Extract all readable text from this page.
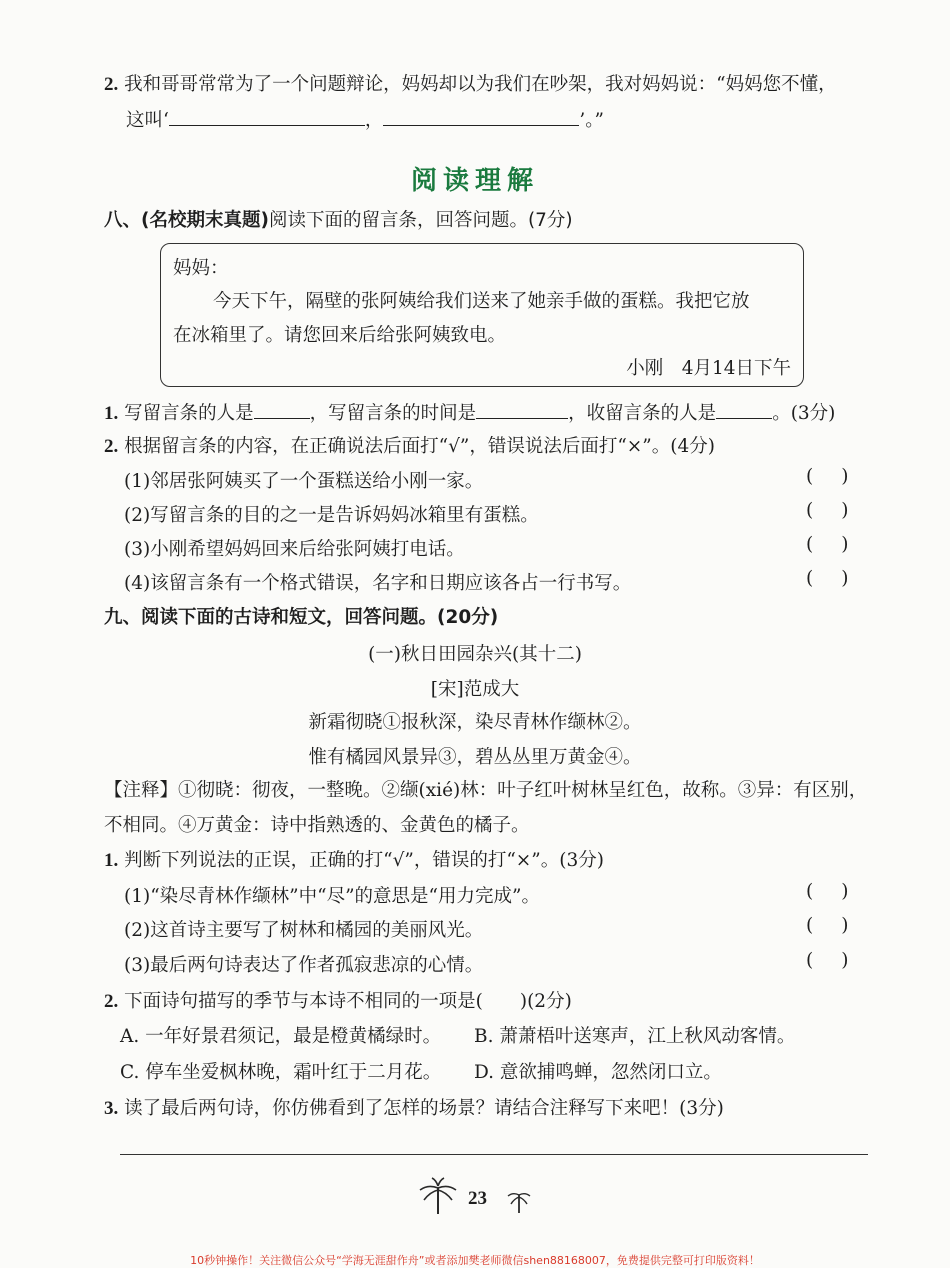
2. 我和哥哥常常为了一个问题辩论，妈妈却以为我们在吵架，我对妈妈说：“妈妈您不懂，
这叫‘	，	’。”
阅读理解
八、(名校期末真题)阅读下面的留言条，回答问题。(7分)
妈妈：
今天下午，隔壁的张阿姨给我们送来了她亲手做的蛋糕。我把它放
在冰箱里了。请您回来后给张阿姨致电。
小刚　4月14日下午
1. 写留言条的人是	，写留言条的时间是	，收留言条的人是	。(3分)
2. 根据留言条的内容，在正确说法后面打“√”，错误说法后面打“×”。(4分)
(1)邻居张阿姨买了一个蛋糕送给小刚一家。	()
(2)写留言条的目的之一是告诉妈妈冰箱里有蛋糕。	()
(3)小刚希望妈妈回来后给张阿姨打电话。	()
(4)该留言条有一个格式错误，名字和日期应该各占一行书写。	()
九、阅读下面的古诗和短文，回答问题。(20分)
(一)秋日田园杂兴(其十二)
[宋]范成大
新霜彻晓①报秋深，染尽青林作缬林②。
惟有橘园风景异③，碧丛丛里万黄金④。
【注释】①彻晓：彻夜，一整晚。②缬(xié)林：叶子红叶树林呈红色，故称。③异：有区别，
不相同。④万黄金：诗中指熟透的、金黄色的橘子。
1. 判断下列说法的正误，正确的打“√”，错误的打“×”。(3分)
(1)“染尽青林作缬林”中“尽”的意思是“用力完成”。	()
(2)这首诗主要写了树林和橘园的美丽风光。	()
(3)最后两句诗表达了作者孤寂悲凉的心情。	()
2. 下面诗句描写的季节与本诗不相同的一项是(　　)(2分)
A. 一年好景君须记，最是橙黄橘绿时。 B. 萧萧梧叶送寒声，江上秋风动客情。
C. 停车坐爱枫林晚，霜叶红于二月花。 D. 意欲捕鸣蝉，忽然闭口立。
3. 读了最后两句诗，你仿佛看到了怎样的场景？请结合注释写下来吧！(3分)
23
10秒钟操作！关注微信公众号“学海无涯甜作舟”或者添加樊老师微信shen88168007，免费提供完整可打印版资料！
